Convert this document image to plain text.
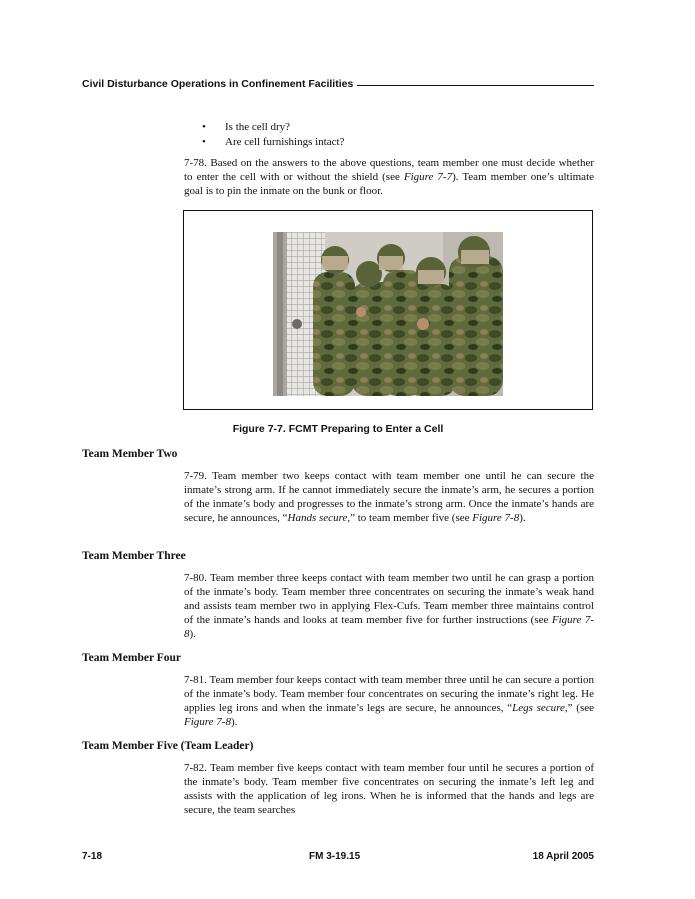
Civil Disturbance Operations in Confinement Facilities
• Is the cell dry?
• Are cell furnishings intact?

7-78. Based on the answers to the above questions, team member one must decide whether to enter the cell with or without the shield (see Figure 7-7). Team member one’s ultimate goal is to pin the inmate on the bunk or floor.

Figure 7-7. FCMT Preparing to Enter a Cell
Team Member Two

7-79. Team member two keeps contact with team member one until he can secure the inmate’s strong arm. If he cannot immediately secure the inmate’s arm, he secures a portion of the inmate’s body and progresses to the inmate’s strong arm. Once the inmate’s hands are secure, he announces, “Hands secure,” to team member five (see Figure 7-8).

Team Member Three

7-80. Team member three keeps contact with team member two until he can grasp a portion of the inmate’s body. Team member three concentrates on securing the inmate’s weak hand and assists team member two in applying Flex-Cufs. Team member three maintains control of the inmate’s hands and looks at team member five for further instructions (see Figure 7-8).

Team Member Four

7-81. Team member four keeps contact with team member three until he can secure a portion of the inmate’s body. Team member four concentrates on securing the inmate’s right leg. He applies leg irons and when the inmate’s legs are secure, he announces, “Legs secure,” (see Figure 7-8).

Team Member Five (Team Leader)

7-82. Team member five keeps contact with team member four until he secures a portion of the inmate’s body. Team member five concentrates on securing the inmate’s left leg and assists with the application of leg irons. When he is informed that the hands and legs are secure, the team searches

7-18	FM 3-19.15	18 April 2005
